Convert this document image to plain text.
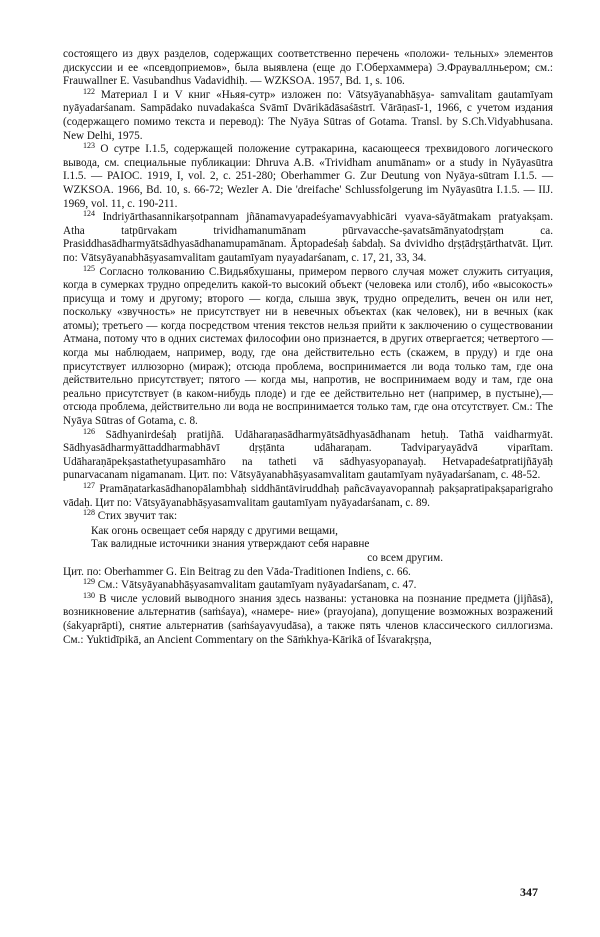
состоящего из двух разделов, содержащих соответственно перечень «положи- тельных» элементов дискуссии и ее «псевдоприемов», была выявлена (еще до Г.Оберхаммера) Э.Фрауваллньером; см.: Frauwallner E. Vasubandhus Vadavidhiḥ. — WZKSOA. 1957, Bd. 1, s. 106.

$^{122}$ Материал I и V книг «Ньяя-сутр» изложен по: Vātsyāyanabhāṣya- samvalitam gautamīyam nyāyadarśanam. Sampādako nuvadakaśca Svāmī Dvārikādāsaśāstrī. Vārāṇasī-1, 1966, с учетом издания (содержащего помимо текста и перевод): The Nyāya Sūtras of Gotama. Transl. by S.Ch.Vidyabhusana. New Delhi, 1975.

$^{123}$ О сутре I.1.5, содержащей положение сутракарина, касающееся трехвидового логического вывода, см. специальные публикации: Dhruva A.B. «Trividham anumānam» or a study in Nyāyasūtra I.1.5. — PAIOC. 1919, I, vol. 2, с. 251-280; Oberhammer G. Zur Deutung von Nyāya-sūtram I.1.5. — WZKSOA. 1966, Bd. 10, s. 66-72; Wezler A. Die 'dreifache' Schlussfolgerung im Nyāyasūtra I.1.5. — IIJ. 1969, vol. 11, c. 190-211.

$^{124}$ Indriyārthasannikarṣotpannam jñānamavyapadeśyamavyabhicāri vyava-sāyātmakam pratyakṣam. Atha tatpūrvakam trividhamanumānam pūrvavacche-ṣavatsāmānyatodṛṣṭam ca. Prasiddhasādharmyātsādhyasādhanamupamānam. Āptopadeśaḥ śabdaḥ. Sa dvividho dṛṣṭādṛṣṭārthatvāt. Цит. по: Vātsyāyanabhāṣyasamvalitam gautamīyam nyayadarśanam, с. 17, 21, 33, 34.

$^{125}$ Согласно толкованию С.Видьябхушаны, примером первого случая может служить ситуация, когда в сумерках трудно определить какой-то высокий объект (человека или столб), ибо «высокость» присуща и тому и другому; второго — когда, слыша звук, трудно определить, вечен он или нет, поскольку «звучность» не присутствует ни в невечных объектах (как человек), ни в вечных (как атомы); третьего — когда посредством чтения текстов нельзя прийти к заключению о существовании Атмана, потому что в одних системах философии оно признается, в других отвергается; четвертого — когда мы наблюдаем, например, воду, где она действительно есть (скажем, в пруду) и где она присутствует иллюзорно (мираж); отсюда проблема, воспринимается ли вода только там, где она действительно присутствует; пятого — когда мы, напротив, не воспринимаем воду и там, где она реально присутствует (в каком-нибудь плоде) и где ее действительно нет (например, в пустыне),— отсюда проблема, действительно ли вода не воспринимается только там, где она отсутствует. См.: The Nyāya Sūtras of Gotama, с. 8.

$^{126}$ Sādhyanirdeśaḥ pratijñā. Udāharaṇasādharmyātsādhyasādhanam hetuḥ. Tathā vaidharmyāt. Sādhyasādharmyāttaddharmabhāvī dṛṣṭānta udāharaṇam.	Tadviparyayādvā viparītam. Udāharaṇāpekṣastathetyupasamhāro na tatheti vā sādhyasyopanayaḥ. Hetvapadeśatpratijñāyāḥ punarvacanam nigamanam. Цит. по: Vātsyāyanabhāṣyasamvalitam gautamīyam nyāyadarśanam, с. 48-52.

$^{127}$ Pramāṇatarkasādhanopālambhaḥ siddhāntāviruddhaḥ pañcāvayavopannaḥ pakṣapratipakṣaparigraho vādaḥ. Цит по: Vātsyāyanabhāṣyasamvalitam gautamīyam nyāyadarśanam, с. 89.

$^{128}$ Стих звучит так:

Как огонь освещает себя наряду с другими вещами,
Так валидные источники знания утверждают себя наравне
со всем другим.

Цит. по: Oberhammer G. Ein Beitrag zu den Vāda-Traditionen Indiens, с. 66.

$^{129}$ См.: Vātsyāyanabhāṣyasamvalitam gautamīyam nyāyadarśanam, с. 47.

$^{130}$ В числе условий выводного знания здесь названы: установка на познание предмета (jijñāsā), возникновение альтернатив (saṁśaya), «намере- ние» (prayojana), допущение возможных возражений (śakyaprāpti), снятие альтернатив (saṁśayavyudāsa), а также пять членов классического силлогизма. См.: Yuktidīpikā, an Ancient Commentary on the Sāṁkhya-Kārikā of Īśvarakṛṣṇa,

347
